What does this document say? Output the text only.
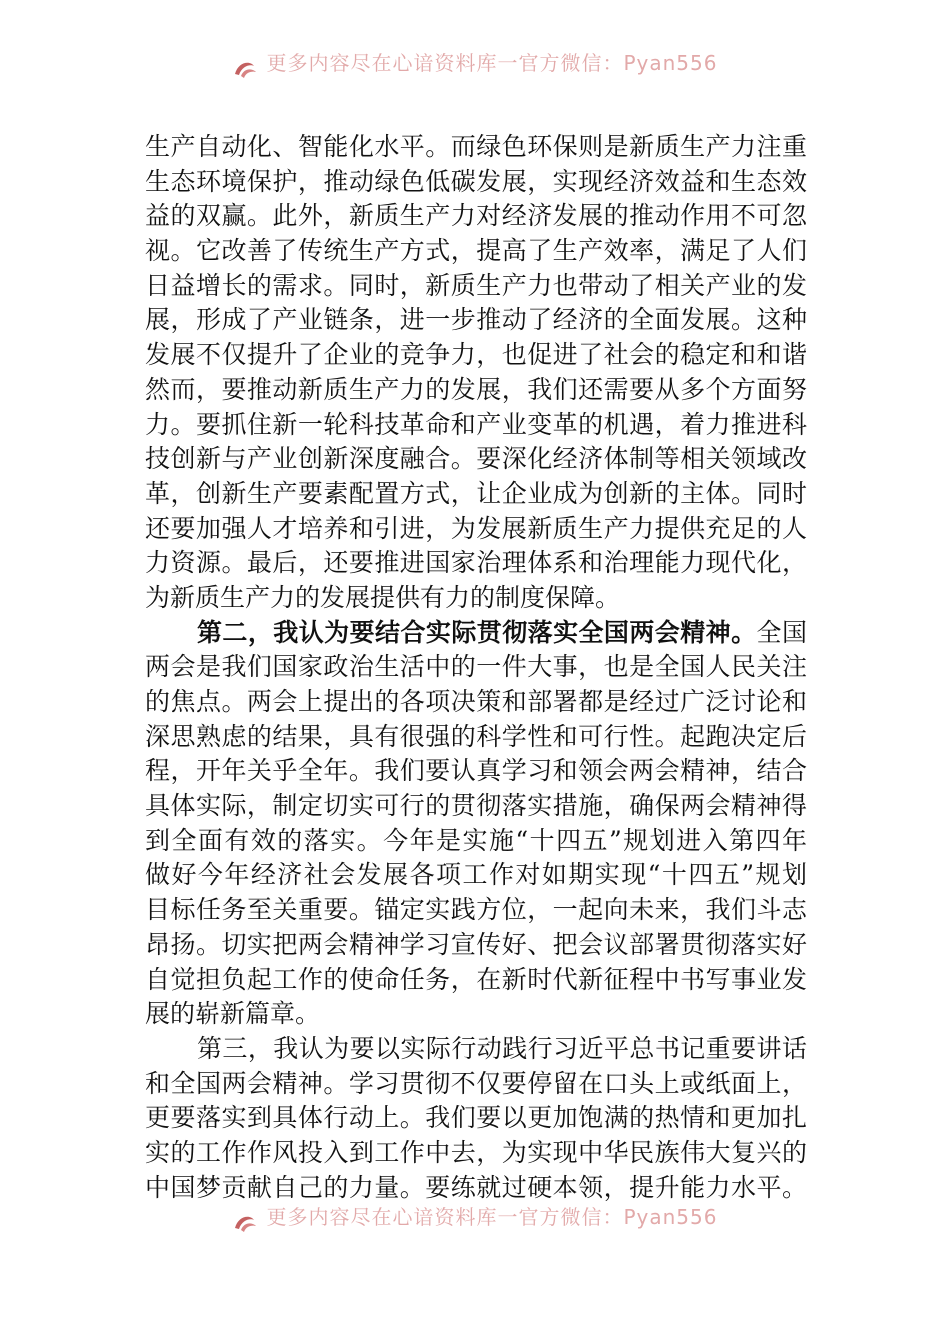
更多内容尽在心谙资料库一官方微信：Pyan556
生产自动化、智能化水平。而绿色环保则是新质生产力注重
生态环境保护，推动绿色低碳发展，实现经济效益和生态效
益的双赢。此外，新质生产力对经济发展的推动作用不可忽
视。它改善了传统生产方式，提高了生产效率，满足了人们
日益增长的需求。同时，新质生产力也带动了相关产业的发
展，形成了产业链条，进一步推动了经济的全面发展。这种
发展不仅提升了企业的竞争力，也促进了社会的稳定和和谐
然而，要推动新质生产力的发展，我们还需要从多个方面努
力。要抓住新一轮科技革命和产业变革的机遇，着力推进科
技创新与产业创新深度融合。要深化经济体制等相关领域改
革，创新生产要素配置方式，让企业成为创新的主体。同时
还要加强人才培养和引进，为发展新质生产力提供充足的人
力资源。最后，还要推进国家治理体系和治理能力现代化，
为新质生产力的发展提供有力的制度保障。
第二，我认为要结合实际贯彻落实全国两会精神。全国
两会是我们国家政治生活中的一件大事，也是全国人民关注
的焦点。两会上提出的各项决策和部署都是经过广泛讨论和
深思熟虑的结果，具有很强的科学性和可行性。起跑决定后
程，开年关乎全年。我们要认真学习和领会两会精神，结合
具体实际，制定切实可行的贯彻落实措施，确保两会精神得
到全面有效的落实。今年是实施“十四五”规划进入第四年
做好今年经济社会发展各项工作对如期实现“十四五”规划
目标任务至关重要。锚定实践方位，一起向未来，我们斗志
昂扬。切实把两会精神学习宣传好、把会议部署贯彻落实好
自觉担负起工作的使命任务，在新时代新征程中书写事业发
展的崭新篇章。
第三，我认为要以实际行动践行习近平总书记重要讲话
和全国两会精神。学习贯彻不仅要停留在口头上或纸面上，
更要落实到具体行动上。我们要以更加饱满的热情和更加扎
实的工作作风投入到工作中去，为实现中华民族伟大复兴的
中国梦贡献自己的力量。要练就过硬本领，提升能力水平。
更多内容尽在心谙资料库一官方微信：Pyan556
